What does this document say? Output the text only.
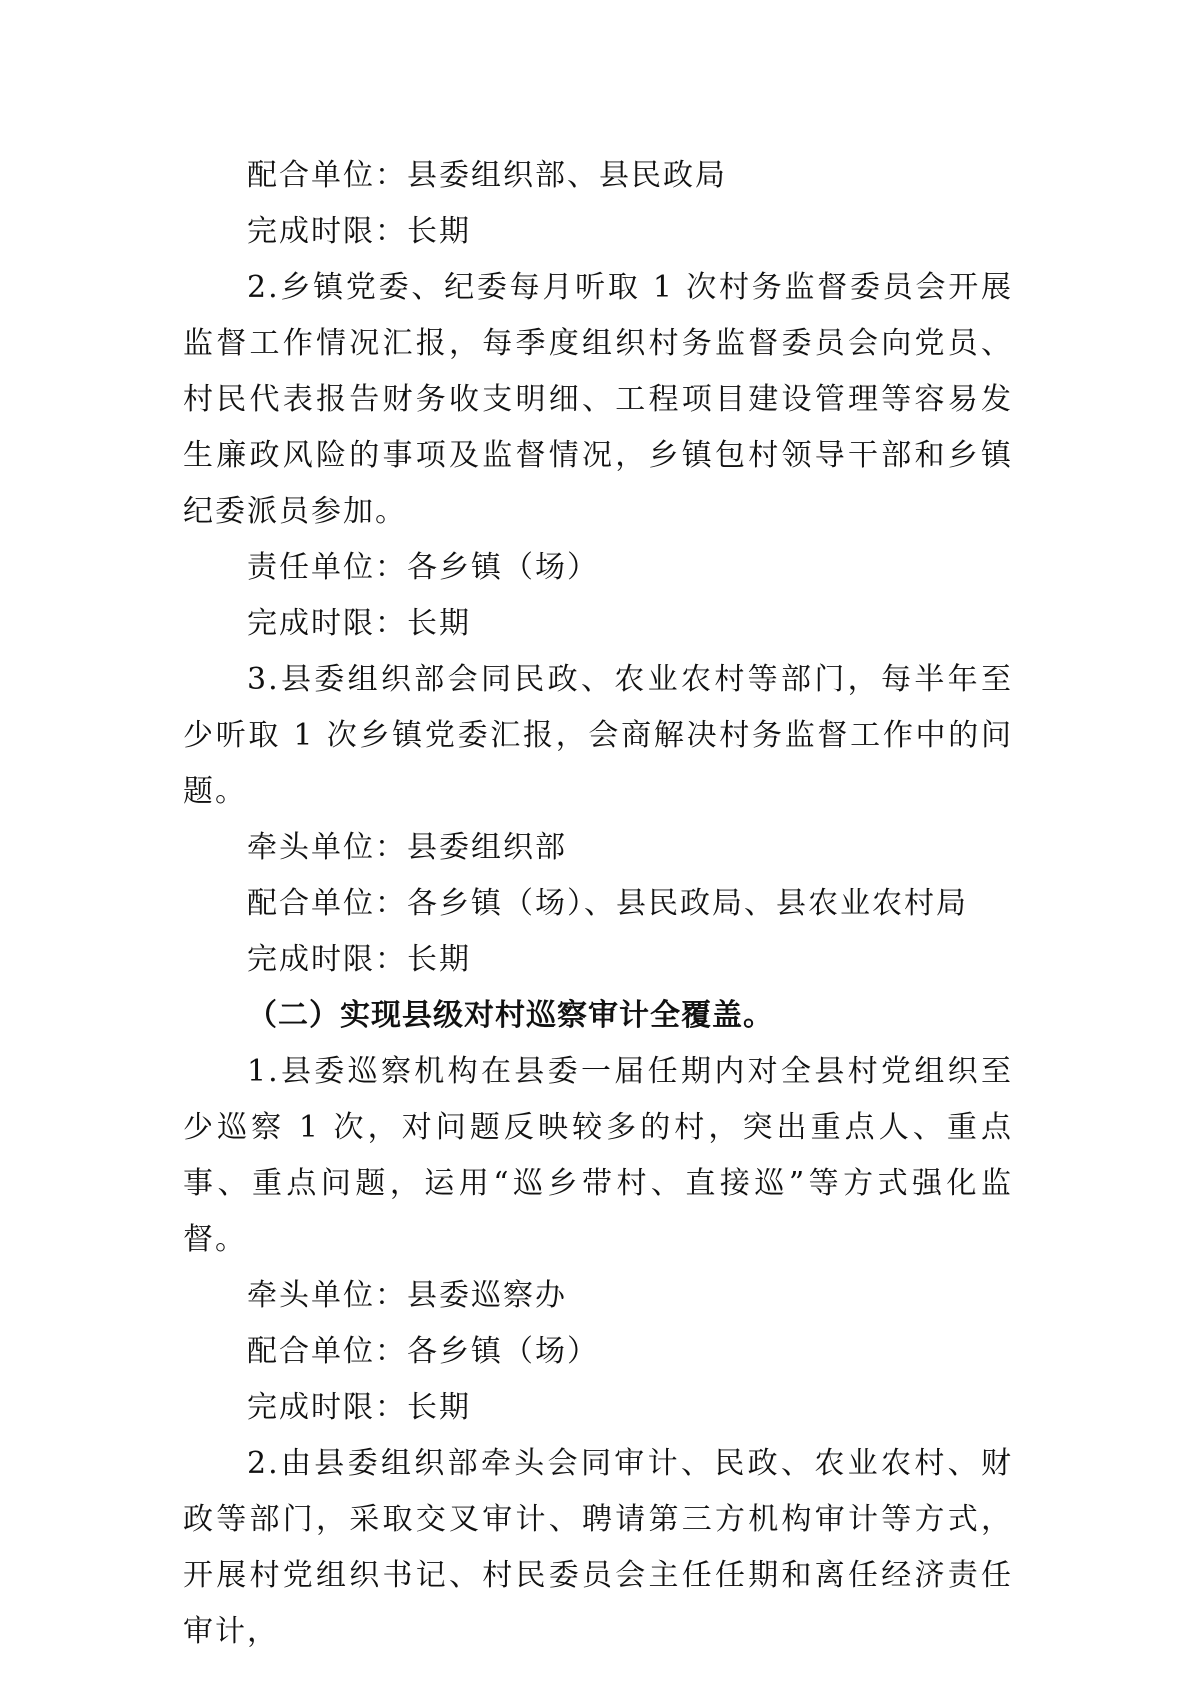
配合单位：县委组织部、县民政局

完成时限：长期

2.乡镇党委、纪委每月听取 1 次村务监督委员会开展监督工作情况汇报，每季度组织村务监督委员会向党员、村民代表报告财务收支明细、工程项目建设管理等容易发生廉政风险的事项及监督情况，乡镇包村领导干部和乡镇纪委派员参加。

责任单位：各乡镇（场）

完成时限：长期

3.县委组织部会同民政、农业农村等部门，每半年至少听取 1 次乡镇党委汇报，会商解决村务监督工作中的问题。

牵头单位：县委组织部

配合单位：各乡镇（场）、县民政局、县农业农村局

完成时限：长期

（二）实现县级对村巡察审计全覆盖。

1.县委巡察机构在县委一届任期内对全县村党组织至少巡察 1 次，对问题反映较多的村，突出重点人、重点事、重点问题，运用“巡乡带村、直接巡”等方式强化监督。

牵头单位：县委巡察办

配合单位：各乡镇（场）

完成时限：长期

2.由县委组织部牵头会同审计、民政、农业农村、财政等部门，采取交叉审计、聘请第三方机构审计等方式，开展村党组织书记、村民委员会主任任期和离任经济责任审计，
